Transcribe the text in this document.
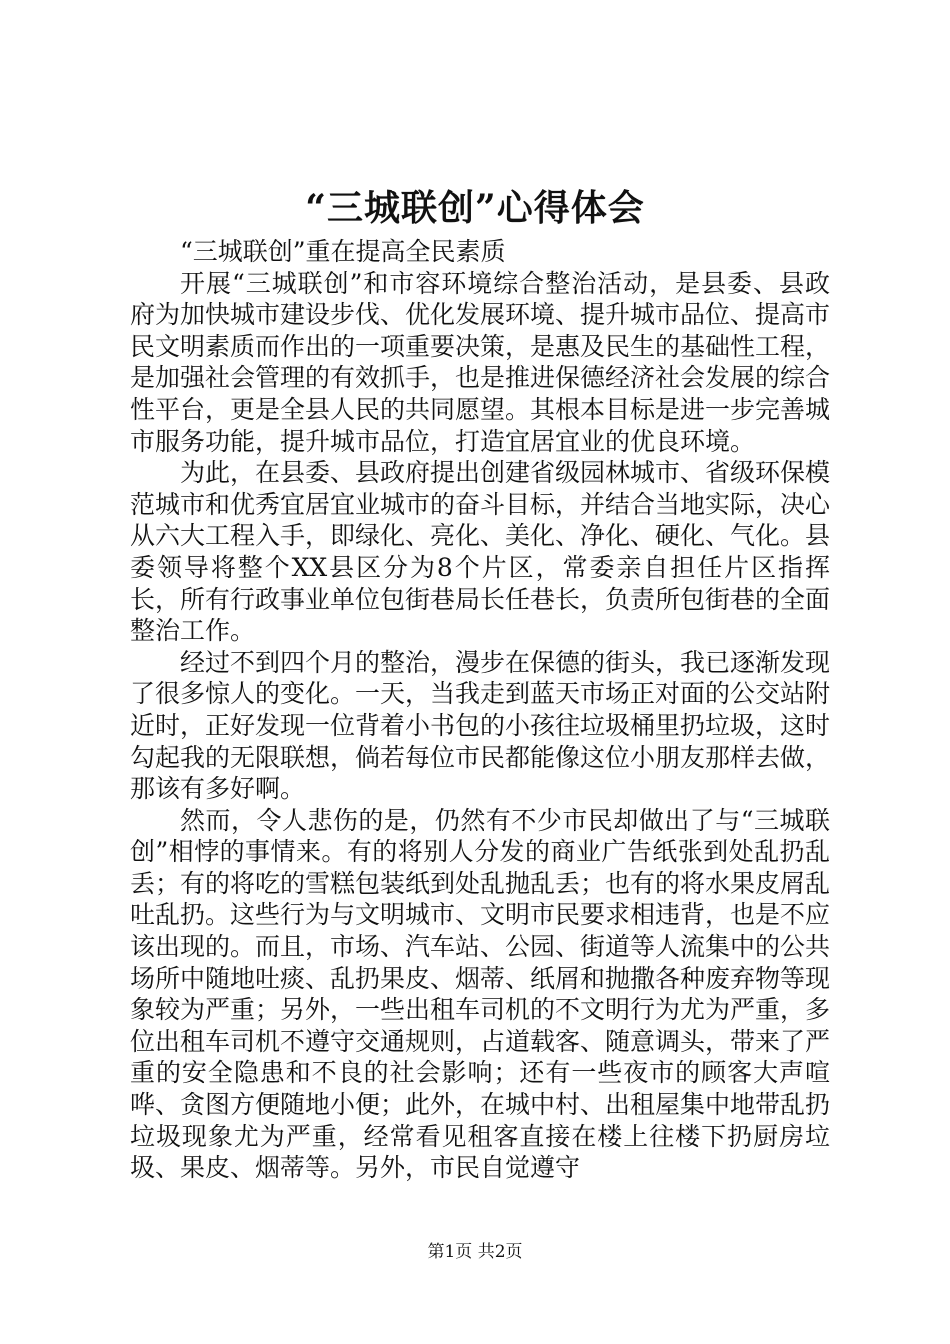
“三城联创”心得体会

“三城联创”重在提高全民素质

开展“三城联创”和市容环境综合整治活动，是县委、县政府为加快城市建设步伐、优化发展环境、提升城市品位、提高市民文明素质而作出的一项重要决策，是惠及民生的基础性工程，是加强社会管理的有效抓手，也是推进保德经济社会发展的综合性平台，更是全县人民的共同愿望。其根本目标是进一步完善城市服务功能，提升城市品位，打造宜居宜业的优良环境。

为此，在县委、县政府提出创建省级园林城市、省级环保模范城市和优秀宜居宜业城市的奋斗目标，并结合当地实际，决心从六大工程入手，即绿化、亮化、美化、净化、硬化、气化。县委领导将整个XX县区分为8个片区，常委亲自担任片区指挥长，所有行政事业单位包街巷局长任巷长，负责所包街巷的全面整治工作。

经过不到四个月的整治，漫步在保德的街头，我已逐渐发现了很多惊人的变化。一天，当我走到蓝天市场正对面的公交站附近时，正好发现一位背着小书包的小孩往垃圾桶里扔垃圾，这时勾起我的无限联想，倘若每位市民都能像这位小朋友那样去做，那该有多好啊。

然而，令人悲伤的是，仍然有不少市民却做出了与“三城联创”相悖的事情来。有的将别人分发的商业广告纸张到处乱扔乱丢；有的将吃的雪糕包装纸到处乱抛乱丢；也有的将水果皮屑乱吐乱扔。这些行为与文明城市、文明市民要求相违背，也是不应该出现的。而且，市场、汽车站、公园、街道等人流集中的公共场所中随地吐痰、乱扔果皮、烟蒂、纸屑和抛撒各种废弃物等现象较为严重；另外，一些出租车司机的不文明行为尤为严重，多位出租车司机不遵守交通规则，占道载客、随意调头，带来了严重的安全隐患和不良的社会影响；还有一些夜市的顾客大声喧哗、贪图方便随地小便；此外，在城中村、出租屋集中地带乱扔垃圾现象尤为严重，经常看见租客直接在楼上往楼下扔厨房垃圾、果皮、烟蒂等。另外，市民自觉遵守

第1页 共2页
